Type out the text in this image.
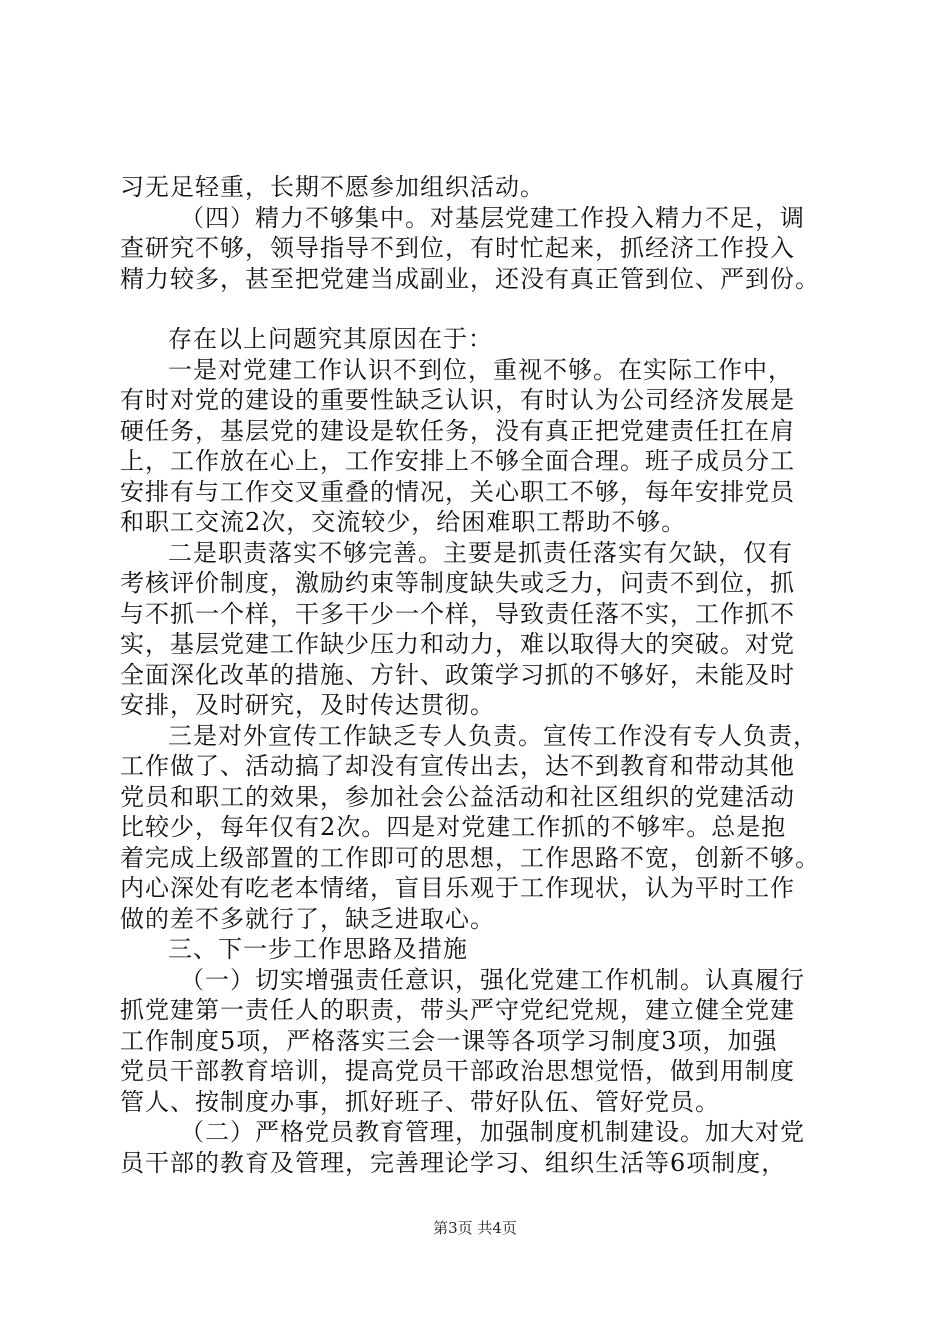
习无足轻重，长期不愿参加组织活动。
（四）精力不够集中。对基层党建工作投入精力不足，调
查研究不够，领导指导不到位，有时忙起来，抓经济工作投入
精力较多，甚至把党建当成副业，还没有真正管到位、严到份。
存在以上问题究其原因在于：
一是对党建工作认识不到位，重视不够。在实际工作中，
有时对党的建设的重要性缺乏认识，有时认为公司经济发展是
硬任务，基层党的建设是软任务，没有真正把党建责任扛在肩
上，工作放在心上，工作安排上不够全面合理。班子成员分工
安排有与工作交叉重叠的情况，关心职工不够，每年安排党员
和职工交流2次，交流较少，给困难职工帮助不够。
二是职责落实不够完善。主要是抓责任落实有欠缺，仅有
考核评价制度，激励约束等制度缺失或乏力，问责不到位，抓
与不抓一个样，干多干少一个样，导致责任落不实，工作抓不
实，基层党建工作缺少压力和动力，难以取得大的突破。对党
全面深化改革的措施、方针、政策学习抓的不够好，未能及时
安排，及时研究，及时传达贯彻。
三是对外宣传工作缺乏专人负责。宣传工作没有专人负责，
工作做了、活动搞了却没有宣传出去，达不到教育和带动其他
党员和职工的效果，参加社会公益活动和社区组织的党建活动
比较少，每年仅有2次。四是对党建工作抓的不够牢。总是抱
着完成上级部置的工作即可的思想，工作思路不宽，创新不够。
内心深处有吃老本情绪，盲目乐观于工作现状，认为平时工作
做的差不多就行了，缺乏进取心。
三、下一步工作思路及措施
（一）切实增强责任意识，强化党建工作机制。认真履行
抓党建第一责任人的职责，带头严守党纪党规，建立健全党建
工作制度5项，严格落实三会一课等各项学习制度3项，加强
党员干部教育培训，提高党员干部政治思想觉悟，做到用制度
管人、按制度办事，抓好班子、带好队伍、管好党员。
（二）严格党员教育管理，加强制度机制建设。加大对党
员干部的教育及管理，完善理论学习、组织生活等6项制度，
第3页 共4页
